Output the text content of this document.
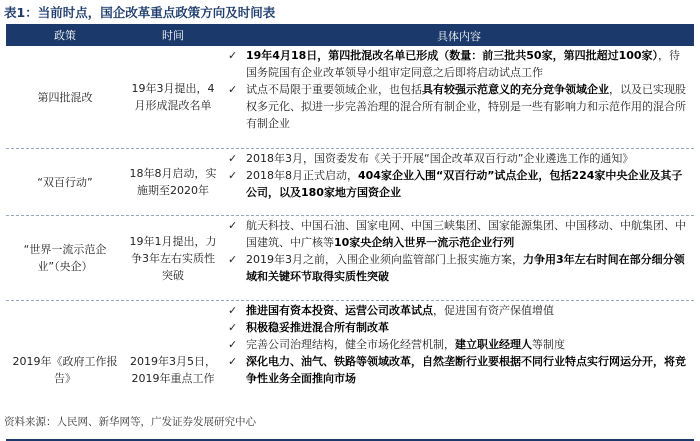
表1：当前时点，国企改革重点政策方向及时间表
政策	时间	具体内容
第四批混改
19年3月提出，4月形成混改名单
✓ 19年4月18日，第四批混改名单已形成（数量：前三批共50家，第四批超过100家），待国务院国有企业改革领导小组审定同意之后即将启动试点工作
✓ 试点不局限于重要领域企业，也包括具有较强示范意义的充分竞争领域企业，以及已实现股权多元化、拟进一步完善治理的混合所有制企业，特别是一些有影响力和示范作用的混合所有制企业
“双百行动”
18年8月启动，实施期至2020年
✓ 2018年3月，国资委发布《关于开展“国企改革双百行动”企业遴选工作的通知》
✓ 2018年8月正式启动，404家企业入围“双百行动”试点企业，包括224家中央企业及其子公司，以及180家地方国资企业
“世界一流示范企业”（央企）
19年1月提出，力争3年左右实质性突破
✓ 航天科技、中国石油、国家电网、中国三峡集团、国家能源集团、中国移动、中航集团、中国建筑、中广核等10家央企纳入世界一流示范企业行列
✓ 2019年3月之前，入围企业须向监管部门上报实施方案，力争用3年左右时间在部分细分领域和关键环节取得实质性突破
2019年《政府工作报告》
2019年3月5日，2019年重点工作
✓ 推进国有资本投资、运营公司改革试点，促进国有资产保值增值
✓ 积极稳妥推进混合所有制改革
✓ 完善公司治理结构，健全市场化经营机制，建立职业经理人等制度
✓ 深化电力、油气、铁路等领域改革，自然垄断行业要根据不同行业特点实行网运分开，将竞争性业务全面推向市场
资料来源：人民网、新华网等，广发证券发展研究中心
